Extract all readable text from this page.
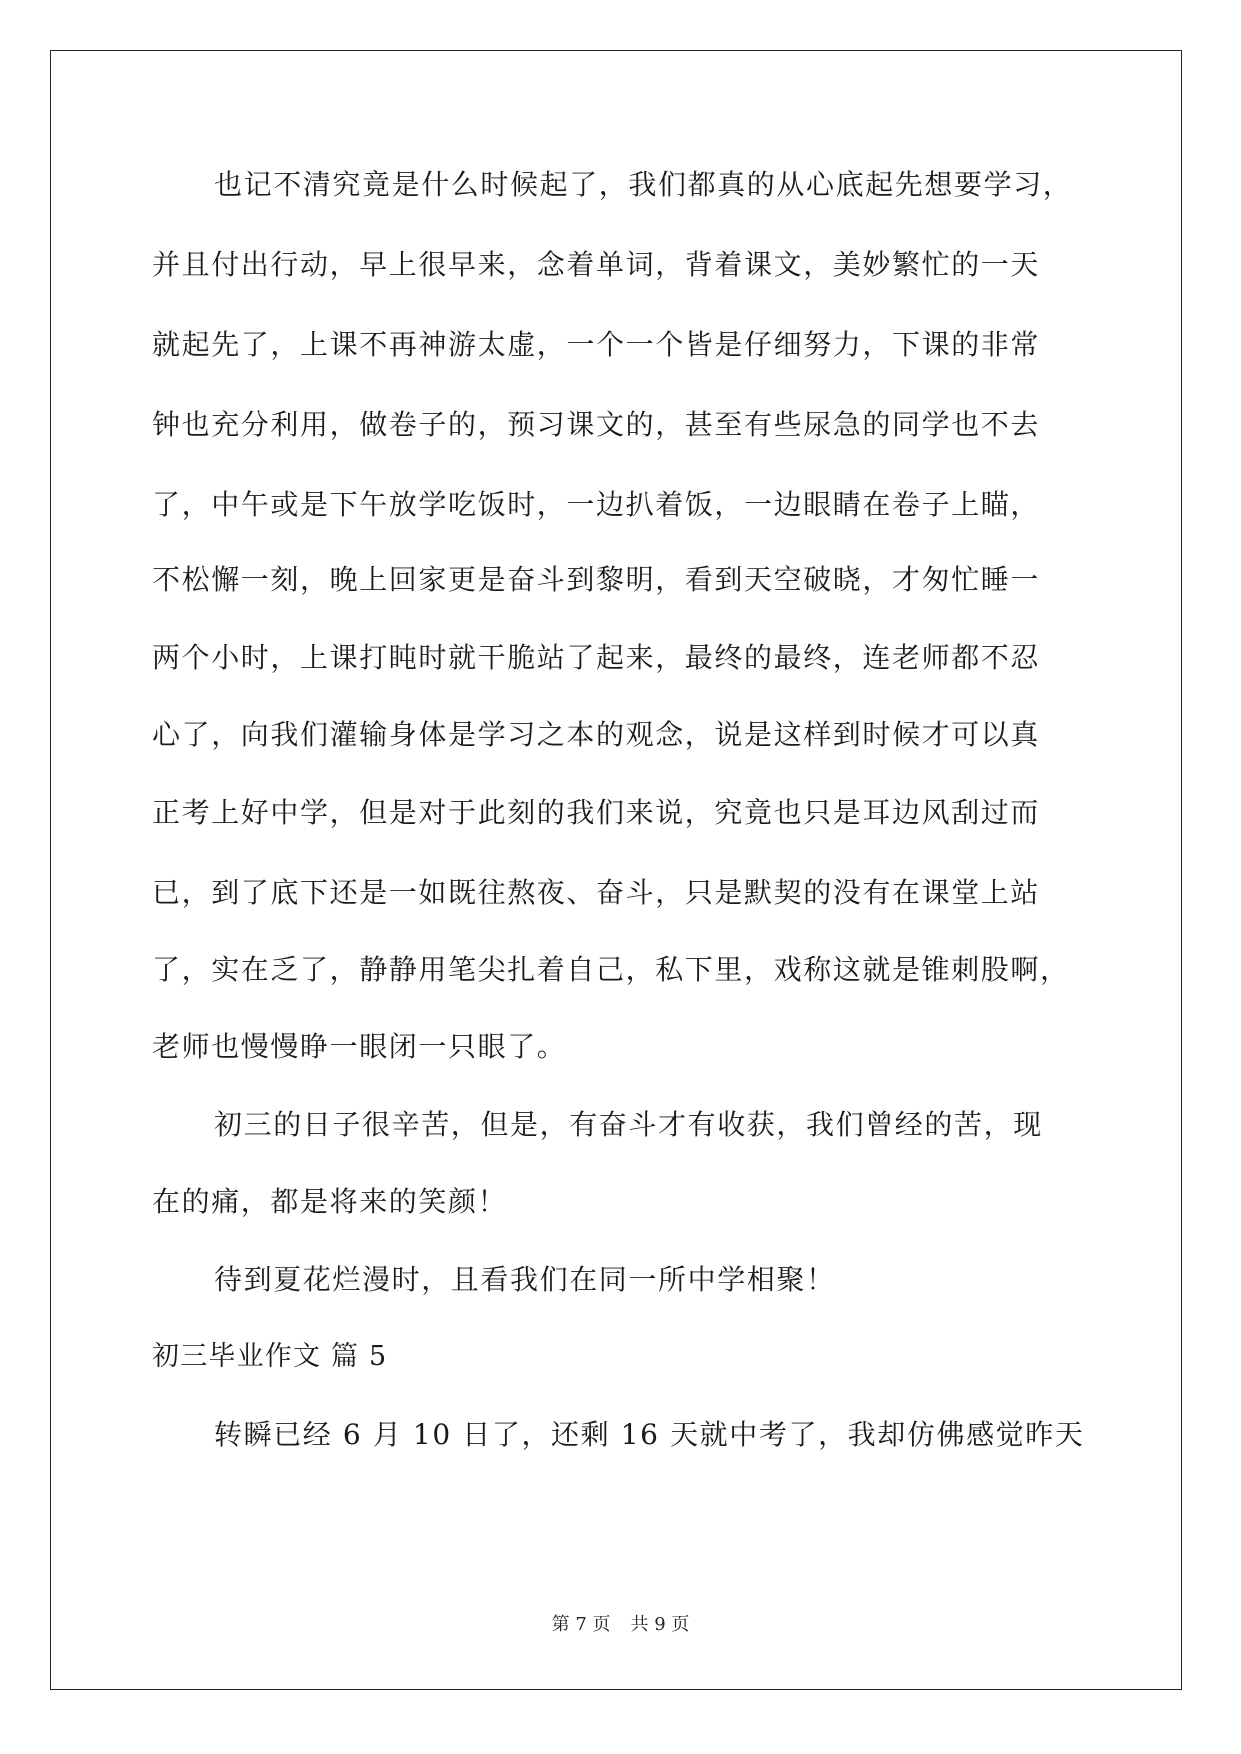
也记不清究竟是什么时候起了，我们都真的从心底起先想要学习，
并且付出行动，早上很早来，念着单词，背着课文，美妙繁忙的一天
就起先了，上课不再神游太虚，一个一个皆是仔细努力，下课的非常
钟也充分利用，做卷子的，预习课文的，甚至有些尿急的同学也不去
了，中午或是下午放学吃饭时，一边扒着饭，一边眼睛在卷子上瞄，
不松懈一刻，晚上回家更是奋斗到黎明，看到天空破晓，才匆忙睡一
两个小时，上课打盹时就干脆站了起来，最终的最终，连老师都不忍
心了，向我们灌输身体是学习之本的观念，说是这样到时候才可以真
正考上好中学，但是对于此刻的我们来说，究竟也只是耳边风刮过而
已，到了底下还是一如既往熬夜、奋斗，只是默契的没有在课堂上站
了，实在乏了，静静用笔尖扎着自己，私下里，戏称这就是锥刺股啊，
老师也慢慢睁一眼闭一只眼了。
初三的日子很辛苦，但是，有奋斗才有收获，我们曾经的苦，现
在的痛，都是将来的笑颜！
待到夏花烂漫时，且看我们在同一所中学相聚！
初三毕业作文 篇 5
转瞬已经 6 月 10 日了，还剩 16 天就中考了，我却仿佛感觉昨天
第 7 页 共 9 页
